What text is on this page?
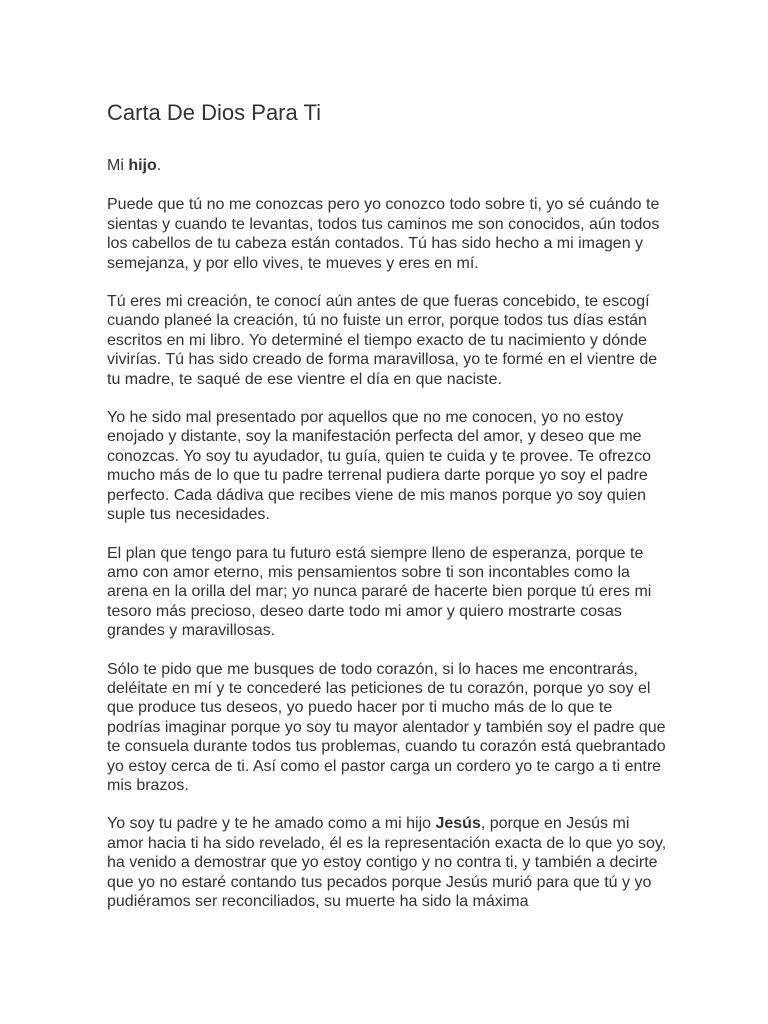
Carta De Dios Para Ti

Mi hijo.

Puede que tú no me conozcas pero yo conozco todo sobre ti, yo sé cuándo te sientas y cuando te levantas, todos tus caminos me son conocidos, aún todos los cabellos de tu cabeza están contados. Tú has sido hecho a mi imagen y semejanza, y por ello vives, te mueves y eres en mí.

Tú eres mi creación, te conocí aún antes de que fueras concebido, te escogí cuando planeé la creación, tú no fuiste un error, porque todos tus días están escritos en mi libro. Yo determiné el tiempo exacto de tu nacimiento y dónde vivirías. Tú has sido creado de forma maravillosa, yo te formé en el vientre de tu madre, te saqué de ese vientre el día en que naciste.

Yo he sido mal presentado por aquellos que no me conocen, yo no estoy enojado y distante, soy la manifestación perfecta del amor, y deseo que me conozcas. Yo soy tu ayudador, tu guía, quien te cuida y te provee. Te ofrezco mucho más de lo que tu padre terrenal pudiera darte porque yo soy el padre perfecto. Cada dádiva que recibes viene de mis manos porque yo soy quien suple tus necesidades.

El plan que tengo para tu futuro está siempre lleno de esperanza, porque te amo con amor eterno, mis pensamientos sobre ti son incontables como la arena en la orilla del mar; yo nunca pararé de hacerte bien porque tú eres mi tesoro más precioso, deseo darte todo mi amor y quiero mostrarte cosas grandes y maravillosas.

Sólo te pido que me busques de todo corazón, si lo haces me encontrarás, deléitate en mí y te concederé las peticiones de tu corazón, porque yo soy el que produce tus deseos, yo puedo hacer por ti mucho más de lo que te podrías imaginar porque yo soy tu mayor alentador y también soy el padre que te consuela durante todos tus problemas, cuando tu corazón está quebrantado yo estoy cerca de ti. Así como el pastor carga un cordero yo te cargo a ti entre mis brazos.

Yo soy tu padre y te he amado como a mi hijo Jesús, porque en Jesús mi amor hacia ti ha sido revelado, él es la representación exacta de lo que yo soy, ha venido a demostrar que yo estoy contigo y no contra ti, y también a decirte que yo no estaré contando tus pecados porque Jesús murió para que tú y yo pudiéramos ser reconciliados, su muerte ha sido la máxima
